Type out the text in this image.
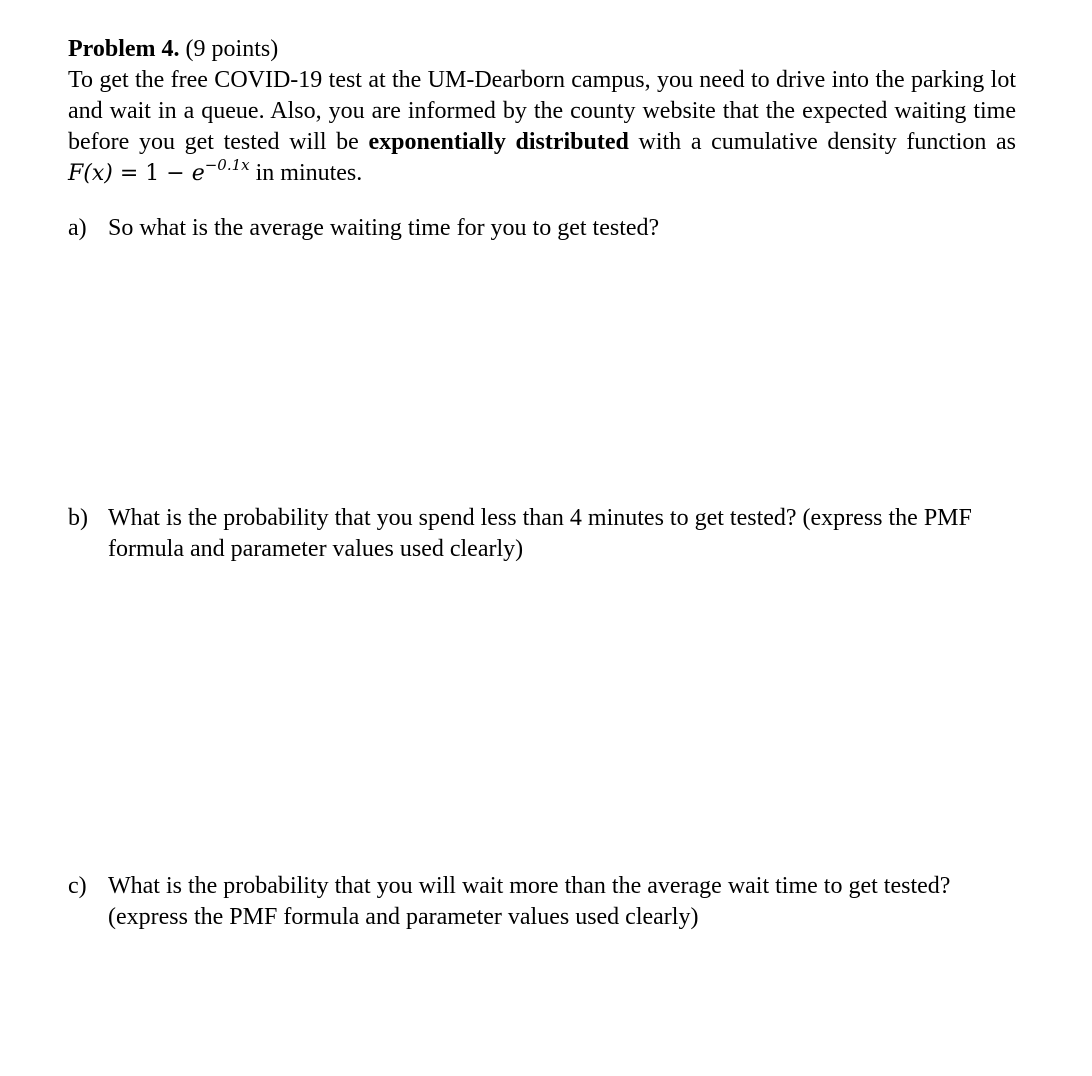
Problem 4. (9 points)
To get the free COVID-19 test at the UM-Dearborn campus, you need to drive into the parking lot and wait in a queue. Also, you are informed by the county website that the expected waiting time before you get tested will be exponentially distributed with a cumulative density function as $F(x) = 1 - e^{-0.1x}$ in minutes.
a) So what is the average waiting time for you to get tested?
b) What is the probability that you spend less than 4 minutes to get tested? (express the PMF formula and parameter values used clearly)
c) What is the probability that you will wait more than the average wait time to get tested? (express the PMF formula and parameter values used clearly)
